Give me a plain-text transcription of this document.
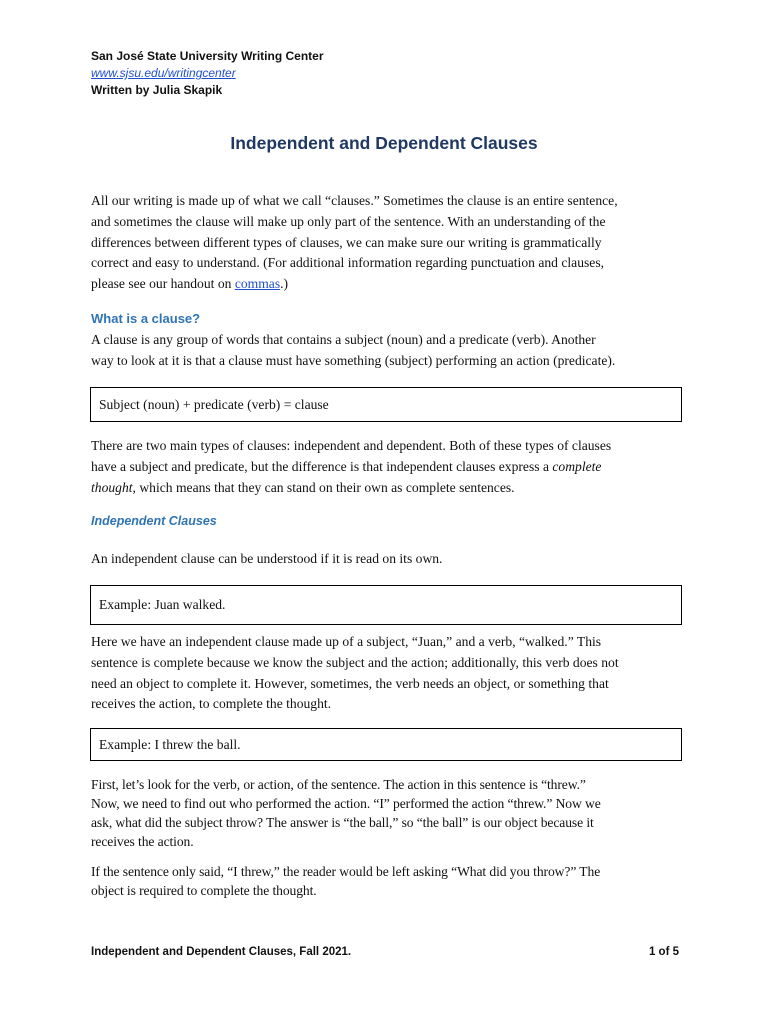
San José State University Writing Center
www.sjsu.edu/writingcenter
Written by Julia Skapik
Independent and Dependent Clauses
All our writing is made up of what we call “clauses.” Sometimes the clause is an entire sentence,
and sometimes the clause will make up only part of the sentence. With an understanding of the
differences between different types of clauses, we can make sure our writing is grammatically
correct and easy to understand. (For additional information regarding punctuation and clauses,
please see our handout on commas.)
What is a clause?
A clause is any group of words that contains a subject (noun) and a predicate (verb). Another
way to look at it is that a clause must have something (subject) performing an action (predicate).
Subject (noun) + predicate (verb) = clause
There are two main types of clauses: independent and dependent. Both of these types of clauses
have a subject and predicate, but the difference is that independent clauses express a complete
thought, which means that they can stand on their own as complete sentences.
Independent Clauses
An independent clause can be understood if it is read on its own.
Example: Juan walked.
Here we have an independent clause made up of a subject, “Juan,” and a verb, “walked.” This
sentence is complete because we know the subject and the action; additionally, this verb does not
need an object to complete it. However, sometimes, the verb needs an object, or something that
receives the action, to complete the thought.
Example: I threw the ball.
First, let’s look for the verb, or action, of the sentence. The action in this sentence is “threw.”
Now, we need to find out who performed the action. “I” performed the action “threw.” Now we
ask, what did the subject throw? The answer is “the ball,” so “the ball” is our object because it
receives the action.
If the sentence only said, “I threw,” the reader would be left asking “What did you throw?” The
object is required to complete the thought.
Independent and Dependent Clauses, Fall 2021.	1 of 5
